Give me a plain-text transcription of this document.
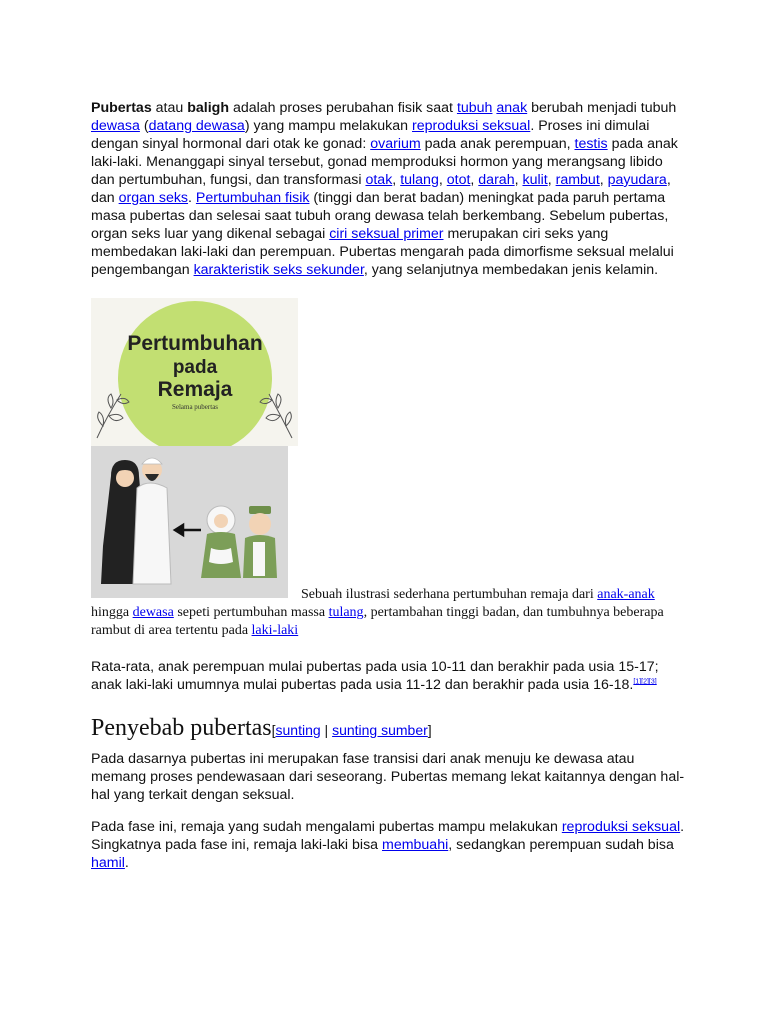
Pubertas atau baligh adalah proses perubahan fisik saat tubuh anak berubah menjadi tubuh dewasa (datang dewasa) yang mampu melakukan reproduksi seksual. Proses ini dimulai dengan sinyal hormonal dari otak ke gonad: ovarium pada anak perempuan, testis pada anak laki-laki. Menanggapi sinyal tersebut, gonad memproduksi hormon yang merangsang libido dan pertumbuhan, fungsi, dan transformasi otak, tulang, otot, darah, kulit, rambut, payudara, dan organ seks. Pertumbuhan fisik (tinggi dan berat badan) meningkat pada paruh pertama masa pubertas dan selesai saat tubuh orang dewasa telah berkembang. Sebelum pubertas, organ seks luar yang dikenal sebagai ciri seksual primer merupakan ciri seks yang membedakan laki-laki dan perempuan. Pubertas mengarah pada dimorfisme seksual melalui pengembangan karakteristik seks sekunder, yang selanjutnya membedakan jenis kelamin.

Pertumbuhan
pada
Remaja
Selama pubertas

Sebuah ilustrasi sederhana pertumbuhan remaja dari anak-anak hingga dewasa sepeti pertumbuhan massa tulang, pertambahan tinggi badan, dan tumbuhnya beberapa rambut di area tertentu pada laki-laki

Rata-rata, anak perempuan mulai pubertas pada usia 10-11 dan berakhir pada usia 15-17; anak laki-laki umumnya mulai pubertas pada usia 11-12 dan berakhir pada usia 16-18.[1][2][3]

Penyebab pubertas[sunting | sunting sumber]

Pada dasarnya pubertas ini merupakan fase transisi dari anak menuju ke dewasa atau memang proses pendewasaan dari seseorang. Pubertas memang lekat kaitannya dengan hal-hal yang terkait dengan seksual.

Pada fase ini, remaja yang sudah mengalami pubertas mampu melakukan reproduksi seksual. Singkatnya pada fase ini, remaja laki-laki bisa membuahi, sedangkan perempuan sudah bisa hamil.
